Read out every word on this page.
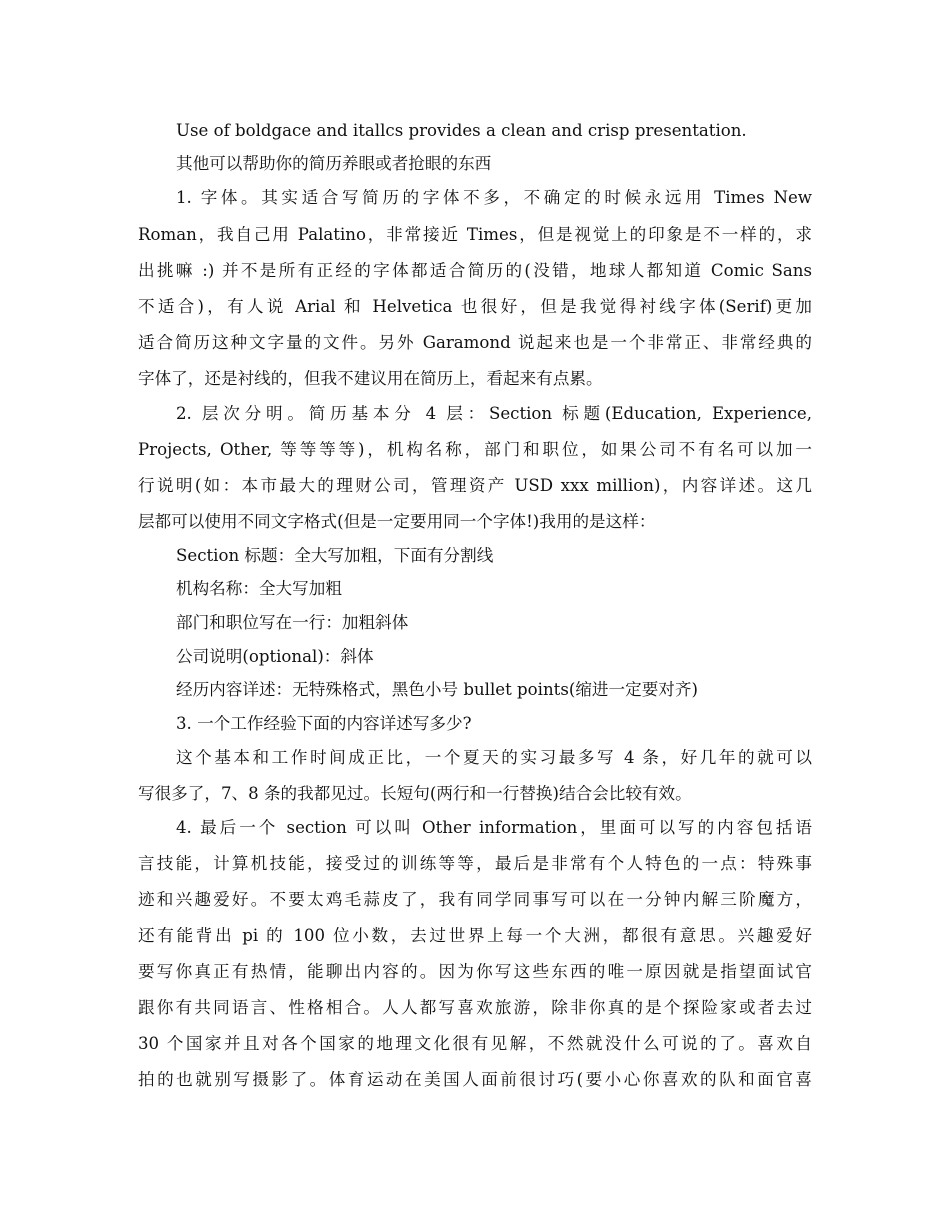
Use of boldgace and itallcs provides a clean and crisp presentation.
其他可以帮助你的简历养眼或者抢眼的东西
1. 字体。其实适合写简历的字体不多，不确定的时候永远用 Times New
Roman，我自己用 Palatino，非常接近 Times，但是视觉上的印象是不一样的，求
出挑嘛 :) 并不是所有正经的字体都适合简历的(没错，地球人都知道 Comic Sans
不适合)，有人说 Arial 和 Helvetica 也很好，但是我觉得衬线字体(Serif)更加
适合简历这种文字量的文件。另外 Garamond 说起来也是一个非常正、非常经典的
字体了，还是衬线的，但我不建议用在简历上，看起来有点累。
2. 层次分明。简历基本分 4 层：Section 标题(Education, Experience,
Projects, Other, 等等等等)，机构名称，部门和职位，如果公司不有名可以加一
行说明(如：本市最大的理财公司，管理资产 USD xxx million)，内容详述。这几
层都可以使用不同文字格式(但是一定要用同一个字体!)我用的是这样：
Section 标题：全大写加粗，下面有分割线
机构名称：全大写加粗
部门和职位写在一行：加粗斜体
公司说明(optional)：斜体
经历内容详述：无特殊格式，黑色小号 bullet points(缩进一定要对齐)
3. 一个工作经验下面的内容详述写多少?
这个基本和工作时间成正比，一个夏天的实习最多写 4 条，好几年的就可以
写很多了，7、8 条的我都见过。长短句(两行和一行替换)结合会比较有效。
4. 最后一个 section 可以叫 Other information，里面可以写的内容包括语
言技能，计算机技能，接受过的训练等等，最后是非常有个人特色的一点：特殊事
迹和兴趣爱好。不要太鸡毛蒜皮了，我有同学同事写可以在一分钟内解三阶魔方，
还有能背出 pi 的 100 位小数，去过世界上每一个大洲，都很有意思。兴趣爱好
要写你真正有热情，能聊出内容的。因为你写这些东西的唯一原因就是指望面试官
跟你有共同语言、性格相合。人人都写喜欢旅游，除非你真的是个探险家或者去过
30 个国家并且对各个国家的地理文化很有见解，不然就没什么可说的了。喜欢自
拍的也就别写摄影了。体育运动在美国人面前很讨巧(要小心你喜欢的队和面官喜
